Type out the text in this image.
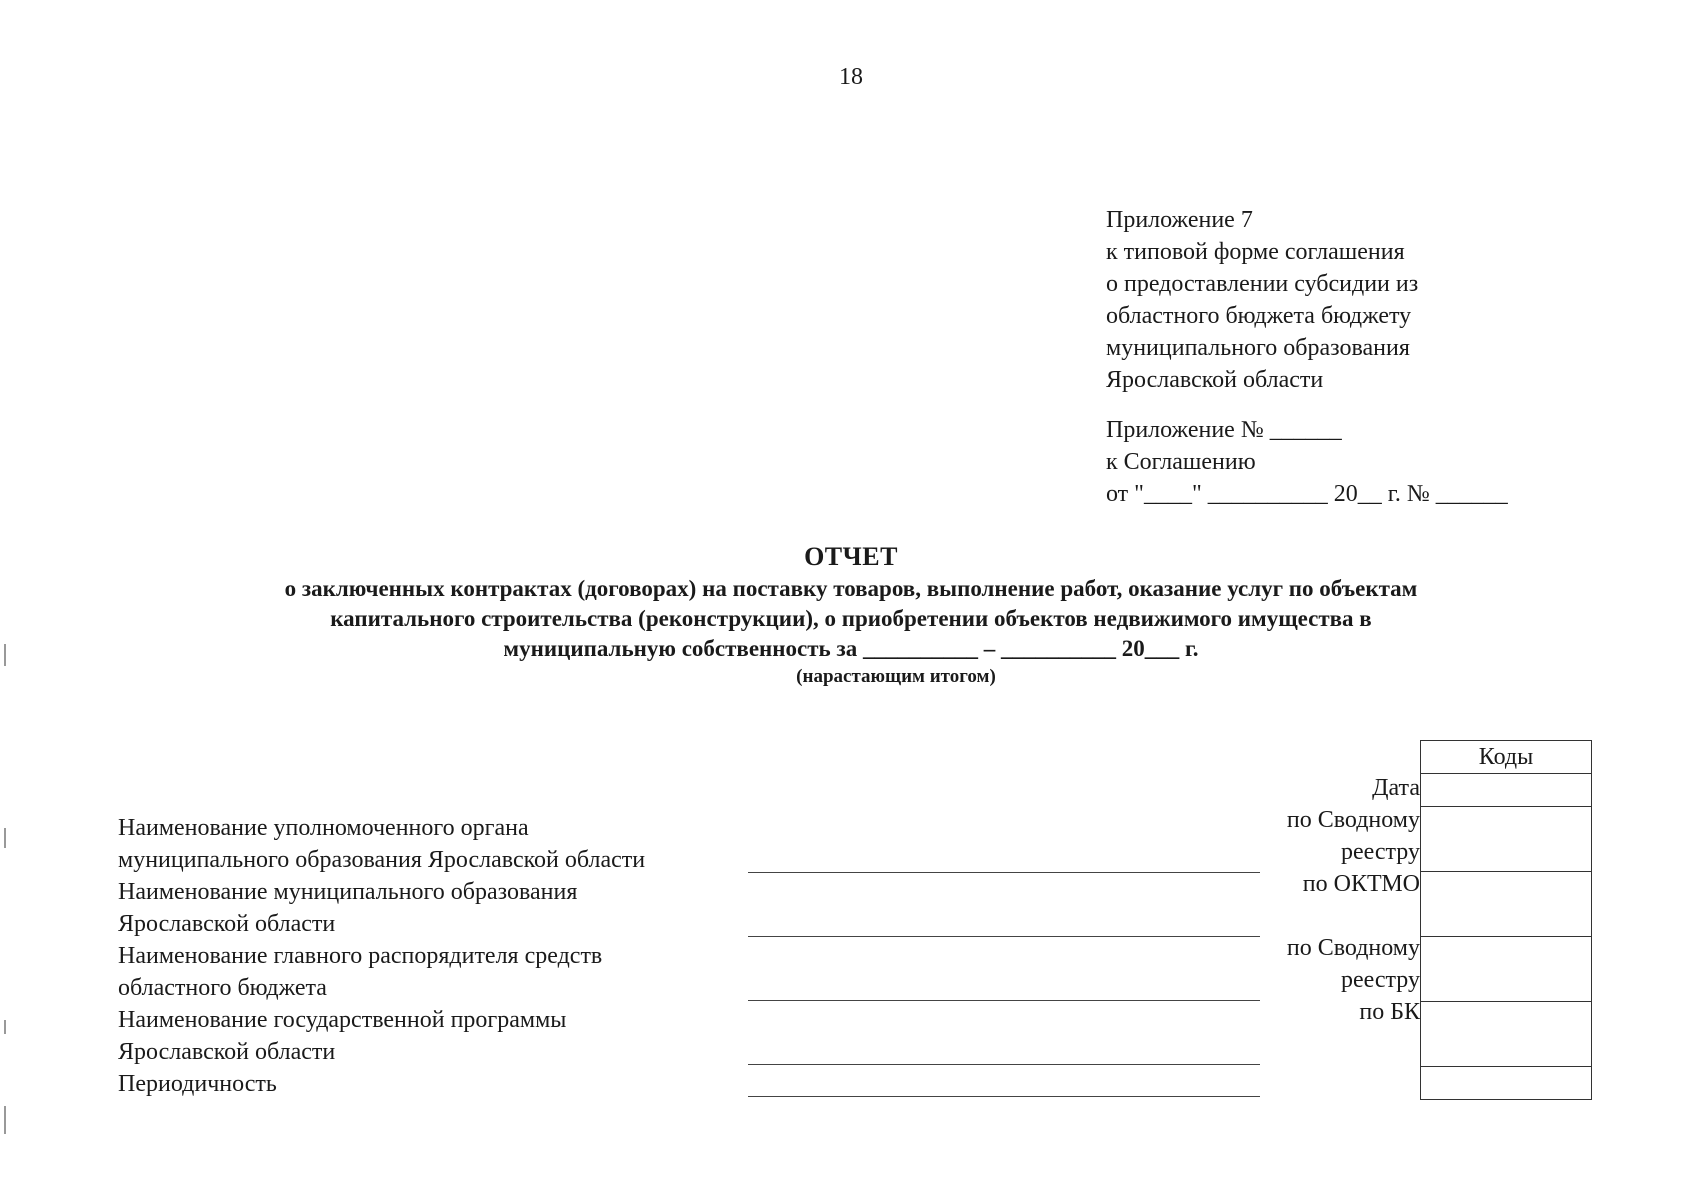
18
Приложение 7
к типовой форме соглашения
о предоставлении субсидии из
областного бюджета бюджету
муниципального образования
Ярославской области
Приложение № ______
к Соглашению
от "____" __________ 20__ г. № ______
ОТЧЕТ
о заключенных контрактах (договорах) на поставку товаров, выполнение работ, оказание услуг по объектам
капитального строительства (реконструкции), о приобретении объектов недвижимого имущества в
муниципальную собственность за __________ – __________ 20___ г.
(нарастающим итогом)
Наименование уполномоченного органа
муниципального образования Ярославской области
Наименование муниципального образования
Ярославской области
Наименование главного распорядителя средств
областного бюджета
Наименование государственной программы
Ярославской области
Периодичность
Дата
по Сводному
реестру
по ОКТМО
по Сводному
реестру
по БК
Коды
